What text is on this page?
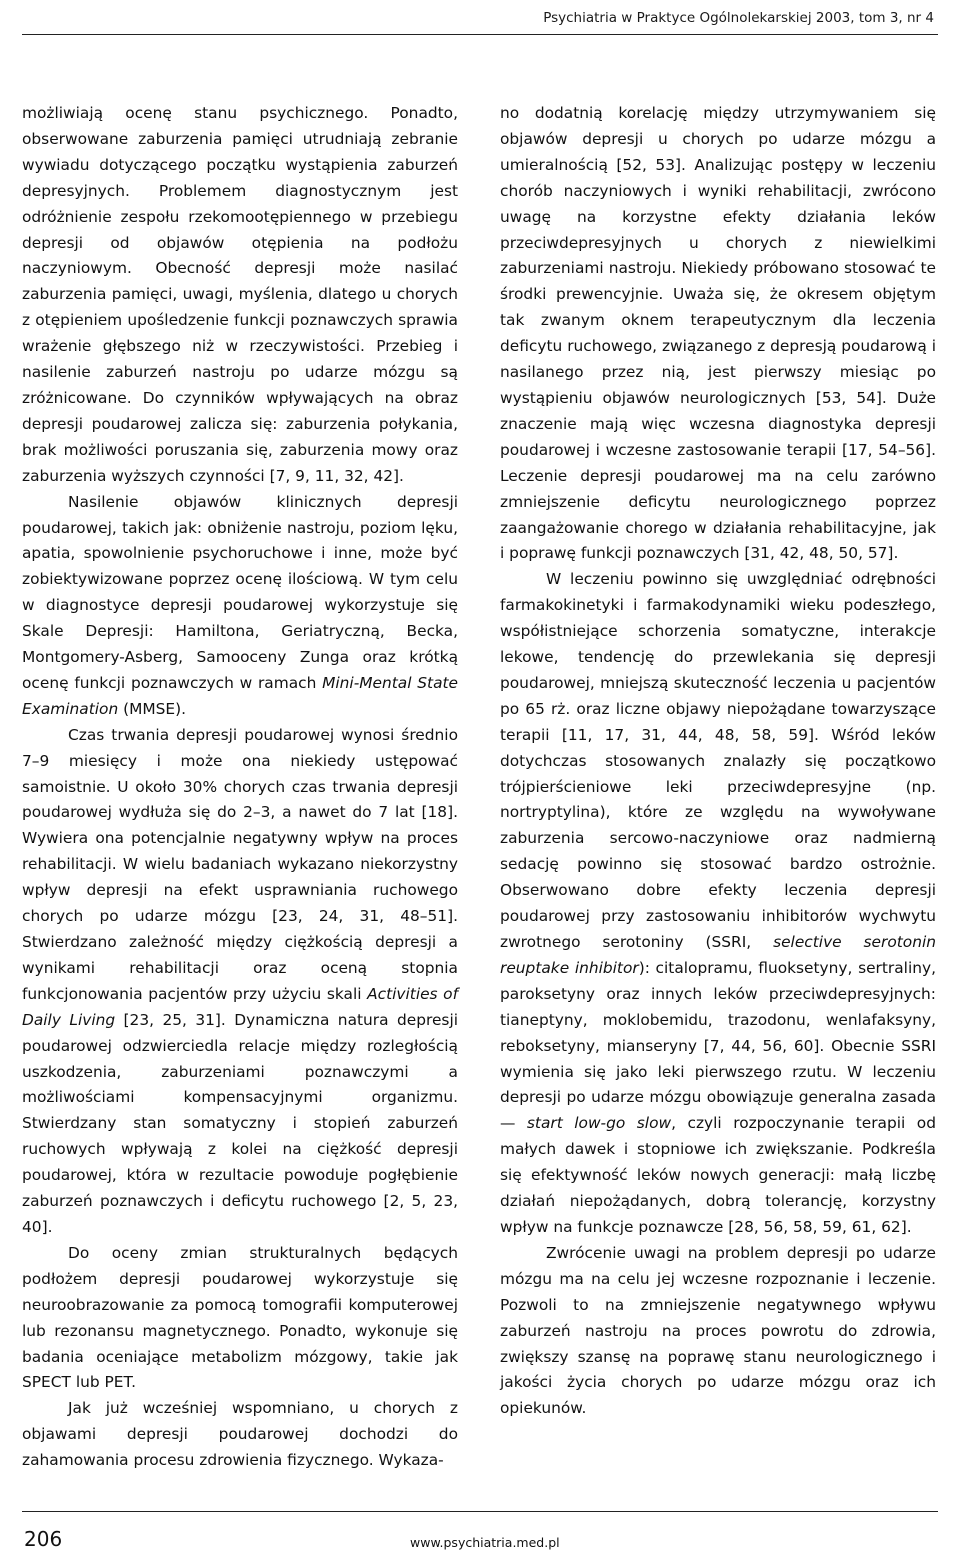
Psychiatria w Praktyce Ogólnolekarskiej 2003, tom 3, nr 4

możliwiają ocenę stanu psychicznego. Ponadto, obserwowane zaburzenia pamięci utrudniają zebranie wywiadu dotyczącego początku wystąpienia zaburzeń depresyjnych. Problemem diagnostycznym jest odróżnienie zespołu rzekomootępiennego w przebiegu depresji od objawów otępienia na podłożu naczyniowym. Obecność depresji może nasilać zaburzenia pamięci, uwagi, myślenia, dlatego u chorych z otępieniem upośledzenie funkcji poznawczych sprawia wrażenie głębszego niż w rzeczywistości. Przebieg i nasilenie zaburzeń nastroju po udarze mózgu są zróżnicowane. Do czynników wpływających na obraz depresji poudarowej zalicza się: zaburzenia połykania, brak możliwości poruszania się, zaburzenia mowy oraz zaburzenia wyższych czynności [7, 9, 11, 32, 42].

Nasilenie objawów klinicznych depresji poudarowej, takich jak: obniżenie nastroju, poziom lęku, apatia, spowolnienie psychoruchowe i inne, może być zobiektywizowane poprzez ocenę ilościową. W tym celu w diagnostyce depresji poudarowej wykorzystuje się Skale Depresji: Hamiltona, Geriatryczną, Becka, Montgomery-Asberg, Samooceny Zunga oraz krótką ocenę funkcji poznawczych w ramach Mini-Mental State Examination (MMSE).

Czas trwania depresji poudarowej wynosi średnio 7–9 miesięcy i może ona niekiedy ustępować samoistnie. U około 30% chorych czas trwania depresji poudarowej wydłuża się do 2–3, a nawet do 7 lat [18]. Wywiera ona potencjalnie negatywny wpływ na proces rehabilitacji. W wielu badaniach wykazano niekorzystny wpływ depresji na efekt usprawniania ruchowego chorych po udarze mózgu [23, 24, 31, 48–51]. Stwierdzano zależność między ciężkością depresji a wynikami rehabilitacji oraz oceną stopnia funkcjonowania pacjentów przy użyciu skali Activities of Daily Living [23, 25, 31]. Dynamiczna natura depresji poudarowej odzwierciedla relacje między rozległością uszkodzenia, zaburzeniami poznawczymi a możliwościami kompensacyjnymi organizmu. Stwierdzany stan somatyczny i stopień zaburzeń ruchowych wpływają z kolei na ciężkość depresji poudarowej, która w rezultacie powoduje pogłębienie zaburzeń poznawczych i deficytu ruchowego [2, 5, 23, 40].

Do oceny zmian strukturalnych będących podłożem depresji poudarowej wykorzystuje się neuroobrazowanie za pomocą tomografii komputerowej lub rezonansu magnetycznego. Ponadto, wykonuje się badania oceniające metabolizm mózgowy, takie jak SPECT lub PET.

Jak już wcześniej wspomniano, u chorych z objawami depresji poudarowej dochodzi do zahamowania procesu zdrowienia fizycznego. Wykaza-

no dodatnią korelację między utrzymywaniem się objawów depresji u chorych po udarze mózgu a umieralnością [52, 53]. Analizując postępy w leczeniu chorób naczyniowych i wyniki rehabilitacji, zwrócono uwagę na korzystne efekty działania leków przeciwdepresyjnych u chorych z niewielkimi zaburzeniami nastroju. Niekiedy próbowano stosować te środki prewencyjnie. Uważa się, że okresem objętym tak zwanym oknem terapeutycznym dla leczenia deficytu ruchowego, związanego z depresją poudarową i nasilanego przez nią, jest pierwszy miesiąc po wystąpieniu objawów neurologicznych [53, 54]. Duże znaczenie mają więc wczesna diagnostyka depresji poudarowej i wczesne zastosowanie terapii [17, 54–56]. Leczenie depresji poudarowej ma na celu zarówno zmniejszenie deficytu neurologicznego poprzez zaangażowanie chorego w działania rehabilitacyjne, jak i poprawę funkcji poznawczych [31, 42, 48, 50, 57].

W leczeniu powinno się uwzględniać odrębności farmakokinetyki i farmakodynamiki wieku podeszłego, współistniejące schorzenia somatyczne, interakcje lekowe, tendencję do przewlekania się depresji poudarowej, mniejszą skuteczność leczenia u pacjentów po 65 rż. oraz liczne objawy niepożądane towarzyszące terapii [11, 17, 31, 44, 48, 58, 59]. Wśród leków dotychczas stosowanych znalazły się początkowo trójpierścieniowe leki przeciwdepresyjne (np. nortryptylina), które ze względu na wywoływane zaburzenia sercowo-naczyniowe oraz nadmierną sedację powinno się stosować bardzo ostrożnie. Obserwowano dobre efekty leczenia depresji poudarowej przy zastosowaniu inhibitorów wychwytu zwrotnego serotoniny (SSRI, selective serotonin reuptake inhibitor): citalopramu, fluoksetyny, sertraliny, paroksetyny oraz innych leków przeciwdepresyjnych: tianeptyny, moklobemidu, trazodonu, wenlafaksyny, reboksetyny, mianseryny [7, 44, 56, 60]. Obecnie SSRI wymienia się jako leki pierwszego rzutu. W leczeniu depresji po udarze mózgu obowiązuje generalna zasada — start low-go slow, czyli rozpoczynanie terapii od małych dawek i stopniowe ich zwiększanie. Podkreśla się efektywność leków nowych generacji: małą liczbę działań niepożądanych, dobrą tolerancję, korzystny wpływ na funkcje poznawcze [28, 56, 58, 59, 61, 62].

Zwrócenie uwagi na problem depresji po udarze mózgu ma na celu jej wczesne rozpoznanie i leczenie. Pozwoli to na zmniejszenie negatywnego wpływu zaburzeń nastroju na proces powrotu do zdrowia, zwiększy szansę na poprawę stanu neurologicznego i jakości życia chorych po udarze mózgu oraz ich opiekunów.

206	www.psychiatria.med.pl
